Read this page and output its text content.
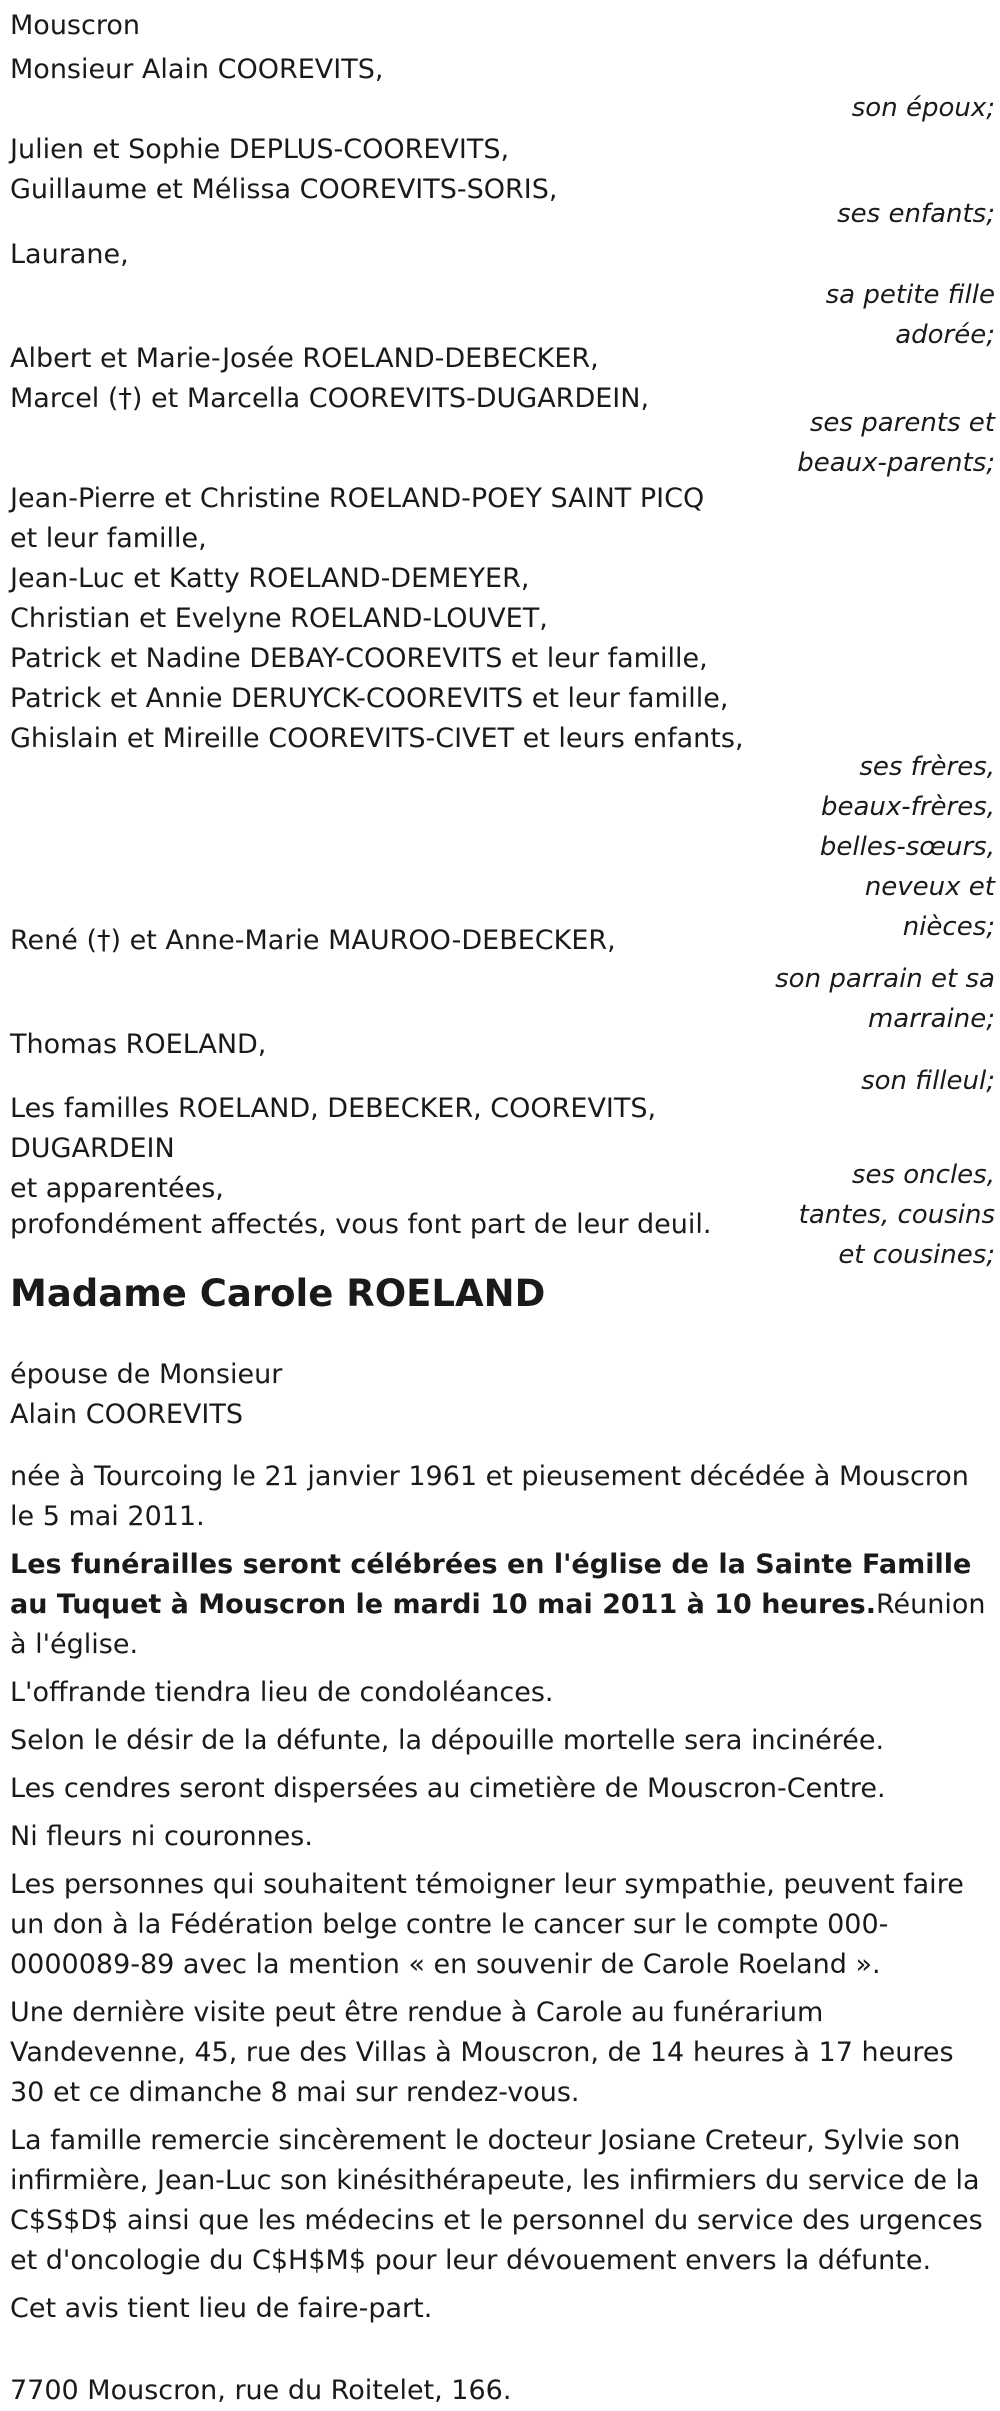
Mouscron

Monsieur Alain COOREVITS,
son époux;
Julien et Sophie DEPLUS-COOREVITS,
Guillaume et Mélissa COOREVITS-SORIS,
ses enfants;
Laurane,
sa petite fille adorée;
Albert et Marie-Josée ROELAND-DEBECKER,
Marcel (†) et Marcella COOREVITS-DUGARDEIN,
ses parents et beaux-parents;
Jean-Pierre et Christine ROELAND-POEY SAINT PICQ
et leur famille,
Jean-Luc et Katty ROELAND-DEMEYER,
Christian et Evelyne ROELAND-LOUVET,
Patrick et Nadine DEBAY-COOREVITS et leur famille,
Patrick et Annie DERUYCK-COOREVITS et leur famille,
Ghislain et Mireille COOREVITS-CIVET et leurs enfants,
ses frères, beaux-frères, belles-sœurs, neveux et nièces;
René (†) et Anne-Marie MAUROO-DEBECKER,
son parrain et sa marraine;
Thomas ROELAND,
son filleul;
Les familles ROELAND, DEBECKER, COOREVITS, DUGARDEIN
et apparentées,	ses oncles, tantes, cousins et cousines;

profondément affectés, vous font part de leur deuil.

Madame Carole ROELAND

épouse de Monsieur
Alain COOREVITS

née à Tourcoing le 21 janvier 1961 et pieusement décédée à Mouscron le 5 mai 2011.

Les funérailles seront célébrées en l'église de la Sainte Famille au Tuquet à Mouscron le mardi 10 mai 2011 à 10 heures.Réunion à l'église.

L'offrande tiendra lieu de condoléances.

Selon le désir de la défunte, la dépouille mortelle sera incinérée.

Les cendres seront dispersées au cimetière de Mouscron-Centre.

Ni fleurs ni couronnes.

Les personnes qui souhaitent témoigner leur sympathie, peuvent faire un don à la Fédération belge contre le cancer sur le compte 000-0000089-89 avec la mention « en souvenir de Carole Roeland ».

Une dernière visite peut être rendue à Carole au funérarium Vandevenne, 45, rue des Villas à Mouscron, de 14 heures à 17 heures 30 et ce dimanche 8 mai sur rendez-vous.

La famille remercie sincèrement le docteur Josiane Creteur, Sylvie son infirmière, Jean-Luc son kinésithérapeute, les infirmiers du service de la C$S$D$ ainsi que les médecins et le personnel du service des urgences et d'oncologie du C$H$M$ pour leur dévouement envers la défunte.

Cet avis tient lieu de faire-part.

7700 Mouscron, rue du Roitelet, 166.
